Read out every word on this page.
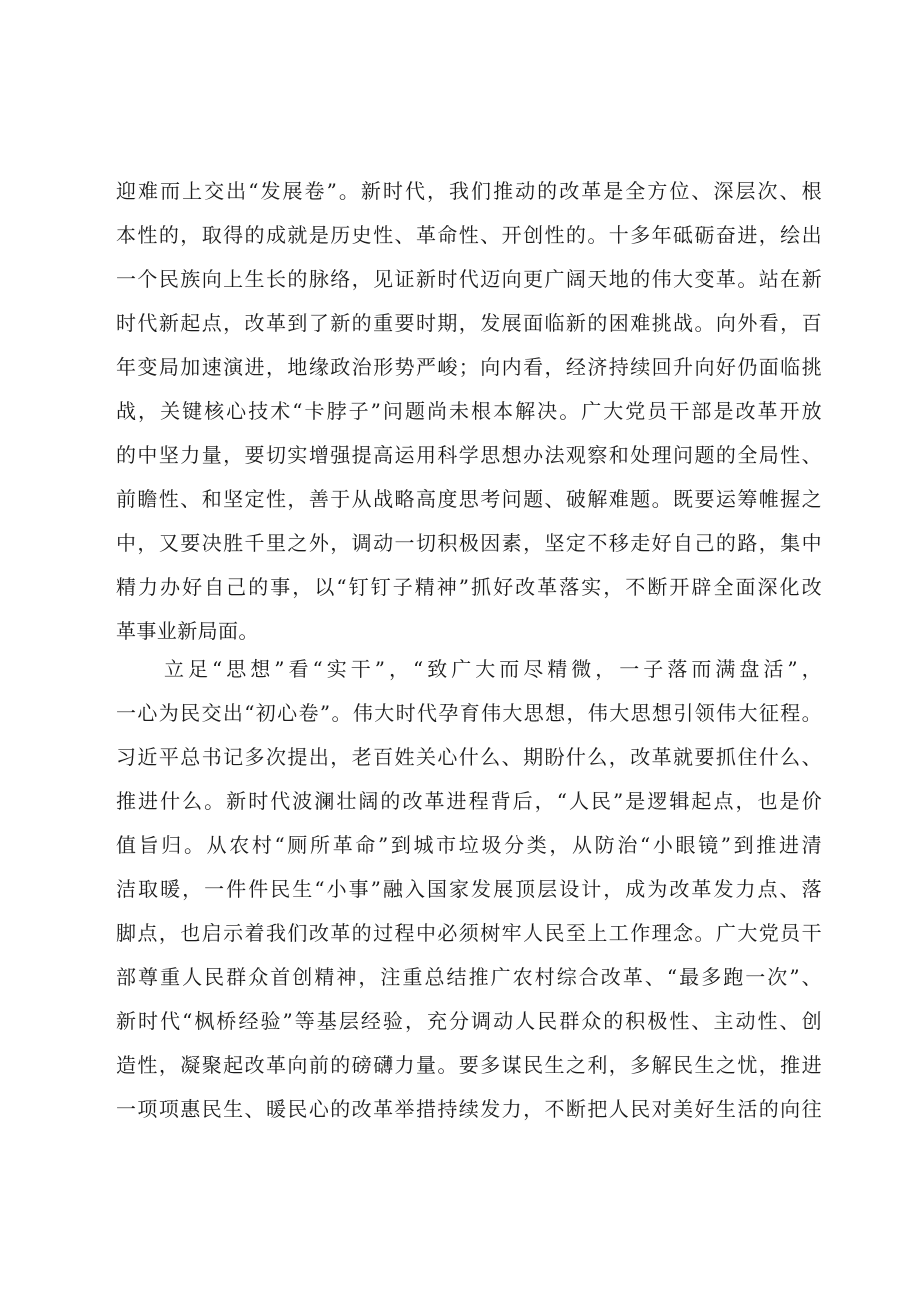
迎难而上交出“发展卷”。新时代，我们推动的改革是全方位、深层次、根
本性的，取得的成就是历史性、革命性、开创性的。十多年砥砺奋进，绘出
一个民族向上生长的脉络，见证新时代迈向更广阔天地的伟大变革。站在新
时代新起点，改革到了新的重要时期，发展面临新的困难挑战。向外看，百
年变局加速演进，地缘政治形势严峻；向内看，经济持续回升向好仍面临挑
战，关键核心技术“卡脖子”问题尚未根本解决。广大党员干部是改革开放
的中坚力量，要切实增强提高运用科学思想办法观察和处理问题的全局性、
前瞻性、和坚定性，善于从战略高度思考问题、破解难题。既要运筹帷握之
中，又要决胜千里之外，调动一切积极因素，坚定不移走好自己的路，集中
精力办好自己的事，以“钉钉子精神”抓好改革落实，不断开辟全面深化改
革事业新局面。
立足“思想”看“实干”，“致广大而尽精微，一子落而满盘活”，
一心为民交出“初心卷”。伟大时代孕育伟大思想，伟大思想引领伟大征程。
习近平总书记多次提出，老百姓关心什么、期盼什么，改革就要抓住什么、
推进什么。新时代波澜壮阔的改革进程背后，“人民”是逻辑起点，也是价
值旨归。从农村“厕所革命”到城市垃圾分类，从防治“小眼镜”到推进清
洁取暖，一件件民生“小事”融入国家发展顶层设计，成为改革发力点、落
脚点，也启示着我们改革的过程中必须树牢人民至上工作理念。广大党员干
部尊重人民群众首创精神，注重总结推广农村综合改革、“最多跑一次”、
新时代“枫桥经验”等基层经验，充分调动人民群众的积极性、主动性、创
造性，凝聚起改革向前的磅礴力量。要多谋民生之利，多解民生之忧，推进
一项项惠民生、暖民心的改革举措持续发力，不断把人民对美好生活的向往
